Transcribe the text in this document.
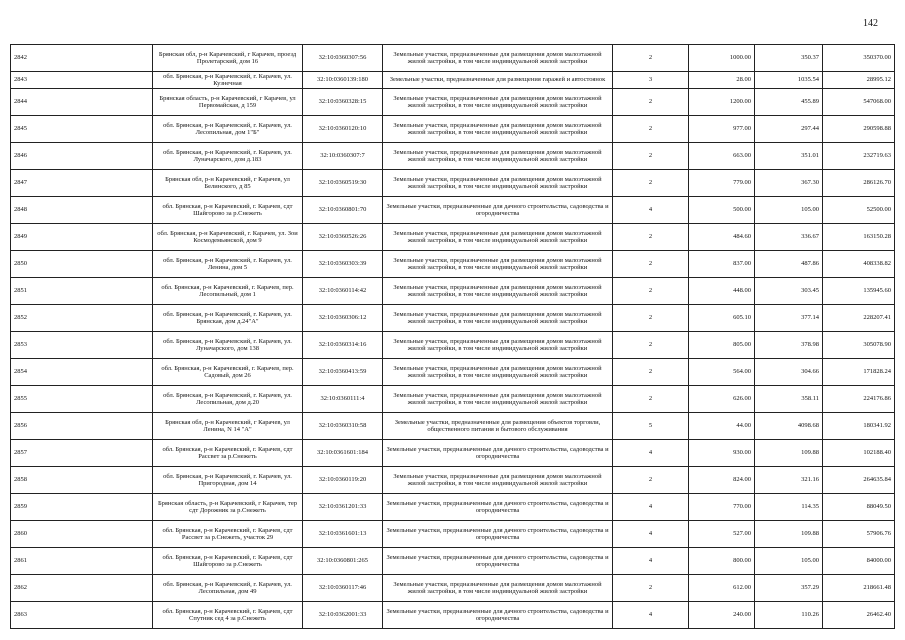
142
2842	Брянская обл, р-н Карачевский, г Карачев, проезд Пролетарский, дом 16	32:10:0360307:56	Земельные участки, предназначенные для размещения домов малоэтажной жилой застройки, в том числе индивидуальной жилой застройки	2	1000.00	350.37	350370.00
2843	обл. Брянская, р-н Карачевский, г. Карачев, ул. Кузнечная	32:10:0360139:180	Земельные участки, предназначенные для размещения гаражей и автостоянок	3	28.00	1035.54	28995.12
2844	Брянская область, р-н Карачевский, г Карачев, ул Первомайская, д 159	32:10:0360328:15	Земельные участки, предназначенные для размещения домов малоэтажной жилой застройки, в том числе индивидуальной жилой застройки	2	1200.00	455.89	547068.00
2845	обл. Брянская, р-н Карачевский, г. Карачев, ул. Лесопильная, дом 1"Б"	32:10:0360120:10	Земельные участки, предназначенные для размещения домов малоэтажной жилой застройки, в том числе индивидуальной жилой застройки	2	977.00	297.44	290598.88
2846	обл. Брянская, р-н Карачевский, г. Карачев, ул. Луначарского, дом д.183	32:10:0360307:7	Земельные участки, предназначенные для размещения домов малоэтажной жилой застройки, в том числе индивидуальной жилой застройки	2	663.00	351.01	232719.63
2847	Брянская обл, р-н Карачевский, г Карачев, ул Белинского, д 85	32:10:0360519:30	Земельные участки, предназначенные для размещения домов малоэтажной жилой застройки, в том числе индивидуальной жилой застройки	2	779.00	367.30	286126.70
2848	обл. Брянская, р-н Карачевский, г. Карачев, сдт Шайгорово за р.Снежеть	32:10:0360801:70	Земельные участки, предназначенные для дачного строительства, садоводства и огородничества	4	500.00	105.00	52500.00
2849	обл. Брянская, р-н Карачевский, г. Карачев, ул. Зои Космодемьянской, дом 9	32:10:0360526:26	Земельные участки, предназначенные для размещения домов малоэтажной жилой застройки, в том числе индивидуальной жилой застройки	2	484.60	336.67	163150.28
2850	обл. Брянская, р-н Карачевский, г. Карачев, ул. Ленина, дом 5	32:10:0360303:39	Земельные участки, предназначенные для размещения домов малоэтажной жилой застройки, в том числе индивидуальной жилой застройки	2	837.00	487.86	408338.82
2851	обл. Брянская, р-н Карачевский, г. Карачев, пер. Лесопильный, дом 1	32:10:0360114:42	Земельные участки, предназначенные для размещения домов малоэтажной жилой застройки, в том числе индивидуальной жилой застройки	2	448.00	303.45	135945.60
2852	обл. Брянская, р-н Карачевский, г. Карачев, ул. Брянская, дом д.24"А"	32:10:0360306:12	Земельные участки, предназначенные для размещения домов малоэтажной жилой застройки, в том числе индивидуальной жилой застройки	2	605.10	377.14	228207.41
2853	обл. Брянская, р-н Карачевский, г. Карачев, ул. Луначарского, дом 138	32:10:0360314:16	Земельные участки, предназначенные для размещения домов малоэтажной жилой застройки, в том числе индивидуальной жилой застройки	2	805.00	378.98	305078.90
2854	обл. Брянская, р-н Карачевский, г. Карачев, пер. Садовый, дом 26	32:10:0360413:59	Земельные участки, предназначенные для размещения домов малоэтажной жилой застройки, в том числе индивидуальной жилой застройки	2	564.00	304.66	171828.24
2855	обл. Брянская, р-н Карачевский, г. Карачев, ул. Лесопильная, дом д.20	32:10:0360111:4	Земельные участки, предназначенные для размещения домов малоэтажной жилой застройки, в том числе индивидуальной жилой застройки	2	626.00	358.11	224176.86
2856	Брянская обл, р-н Карачевский, г Карачев, ул Ленина, N 14 "А"	32:10:0360310:58	Земельные участки, предназначенные для размещения объектов торговли, общественного питания и бытового обслуживания	5	44.00	4098.68	180341.92
2857	обл. Брянская, р-н Карачевский, г. Карачев, сдт Рассвет за р.Снежеть	32:10:0361601:184	Земельные участки, предназначенные для дачного строительства, садоводства и огородничества	4	930.00	109.88	102188.40
2858	обл. Брянская, р-н Карачевский, г. Карачев, ул. Пригородная, дом 14	32:10:0360119:20	Земельные участки, предназначенные для размещения домов малоэтажной жилой застройки, в том числе индивидуальной жилой застройки	2	824.00	321.16	264635.84
2859	Брянская область, р-н Карачевский, г Карачев, тер сдт Дорожник за р.Снежеть	32:10:0361201:33	Земельные участки, предназначенные для дачного строительства, садоводства и огородничества	4	770.00	114.35	88049.50
2860	обл. Брянская, р-н Карачевский, г. Карачев, сдт Рассвет за р.Снежеть, участок 29	32:10:0361601:13	Земельные участки, предназначенные для дачного строительства, садоводства и огородничества	4	527.00	109.88	57906.76
2861	обл. Брянская, р-н Карачевский, г. Карачев, сдт Шайгорово за р.Снежеть	32:10:0360801:265	Земельные участки, предназначенные для дачного строительства, садоводства и огородничества	4	800.00	105.00	84000.00
2862	обл. Брянская, р-н Карачевский, г. Карачев, ул. Лесопильная, дом 49	32:10:0360117:46	Земельные участки, предназначенные для размещения домов малоэтажной жилой застройки, в том числе индивидуальной жилой застройки	2	612.00	357.29	218661.48
2863	обл. Брянская, р-н Карачевский, г. Карачев, сдт Спутник сед 4 за р.Снежеть	32:10:0362001:33	Земельные участки, предназначенные для дачного строительства, садоводства и огородничества	4	240.00	110.26	26462.40
